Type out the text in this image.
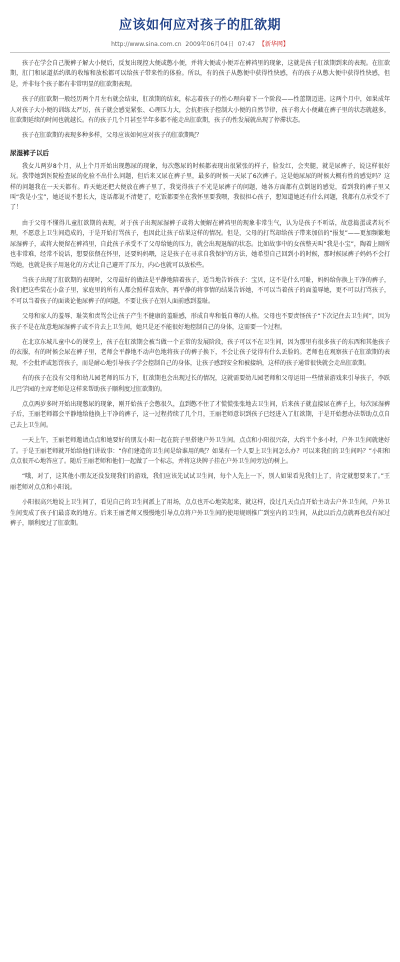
应该如何应对孩子的肛欲期
http://www.sina.com.cn 2009年06月04日 07:47 【新华网】

孩子在学会自己脱裤子解大小便后，反复出现控大便或憋小便，并将大便或小便弄在裤裆里的现象，这就是孩子肛欲期到来的表现。在肛欲期，肛门和尿道括约肌的收缩和放松都可以给孩子带来性的体验。所以，有的孩子从憋便中获得性快感，有的孩子从憋大便中获得性快感，但是，并非每个孩子都有非常明显的肛欲期表现。

孩子的肛欲期一般经历两个月左右就会结束，肛欲期的结束，标志着孩子的性心理向着下一个阶段——性蕾期迈进。这两个月中，如果成年人对孩子大小便的训练太严厉，孩子就会感觉紧张、心理压力大，会抗拒孩子控制大小便的自然节律，孩子将大小便藏在裤子里的状态就越多，肛欲期延续的时间也就越长。有的孩子几个月甚至半年多都不能走出肛欲期，孩子的性发展就出现了停滞状态。

孩子在肛欲期的表现多种多样，父母应该如何应对孩子的肛欲期呢？

尿湿裤子以后

我女儿两岁8个月，从上个月开始出现憋尿的现象，每次憋尿的时候都表现出很紧张的样子，脸发红，会夹腿，就是尿裤子，说这样很好玩。我带她到医院检查尿的化验不出什么问题，但后来又尿在裤子里，最多的时候一天尿了6次裤子。这是她尿尿的时候大概有性的感觉吗？这样的问题我在一天天都有。昨天她还把大便放在裤子里了，我觉得孩子不光是尿裤子的问题，她各方面都有点倒退的感觉，看到我的裤子里又叫“我是小宝”，她还说不想长大，连话都说不清楚了，吃饭都要坐在我怀里要我喂，我很担心孩子，想知道她还有什么问题，我都有点承受不了了！

由于父母不懂得儿童肛欲期的表现，对于孩子出现尿湿裤子或将大便解在裤裆里的现象非常生气，认为是孩子不听话，故意捣蛋或者玩不理，不愿意上卫生间造成的，于是开始打骂孩子，也因此让孩子结果这样的情况。但是，父母的打骂却给孩子带来加倍的“报复”——更加频繁地尿湿裤子，或将大便留在裤裆里，自此孩子承受不了父母给她的压力，就会出现退缩的状态。比如故事中的女孩整天叫“我是小宝”，陶着上厕所也非常难，经常不说话，想要依偎在怀里，还要妈妈喂，这是孩子在寻求自我保护的方法，她希望自己回到小的时候，那时候尿裤子妈妈不会打骂她，也就是孩子用退化的方式让自己避开了压力，内心也就可以放松些。

当孩子出现了肛欲期的表现时，父母最好的做法是平静地陪着孩子，适当地告诉孩子：宝贝，这不是什么可耻，妈妈给你换上干净的裤子，我们把这些装在小盒子里，家庭里的所有人都会照样喜欢你，再平静的将事情的结果告诉她，不可以当着孩子的面羞辱她，更不可以打骂孩子，不可以当着孩子的面谈论他尿裤子的问题，不要让孩子在别人面前感到羞耻。

父母和家人的羞辱、耻笑和责骂会让孩子产生不健康的羞耻感，形成自卑和低自尊的人格。父母也不要责怪孩子“下次记住去卫生间”，因为孩子不是在故意地尿湿裤子或不肯去上卫生间，她只是还不能很好地控制自己的身体，这需要一个过程。

在北京东城儿童中心的课堂上，孩子在肛欲期会被当做一个正常的发展阶段，孩子可以不在卫生间，因为那里有很多孩子的东西和其他孩子的衣服，有的时候会尿在裤子里，老师会平静地不动声色地将孩子的裤子换下，不会让孩子觉得有什么丢脸的。老师也在观察孩子在肛欲期的表现，不会批评或惩罚孩子，而是耐心地引导孩子学会控制自己的身体，让孩子感到安全和被接纳，这样的孩子通常很快就会走出肛欲期。

有的孩子在没有父母和幼儿园老师的压力下，肛欲期也会出现过长的情况，这就需要幼儿园老师和父母运用一些情景游戏来引导孩子，李跃儿巴学园的主席老师是这样来帮助孩子顺利度过肛欲期的。

点点两岁多时开始出现憋尿的现象，刚开始孩子会憋很久，直到憋不住了才慌慌张张地去卫生间，后来孩子就直接尿在裤子上，每次尿湿裤子后，王丽老师都会平静地给他换上干净的裤子，这一过程持续了几个月，王丽老师意识到孩子已经进入了肛欲期，于是开始想办法帮助点点自己去上卫生间。

一天上午，王丽老师邀请点点和她要好的朋友小阳一起在院子里搭建户外卫生间。点点和小阳很兴奋，大约半个多小时，户外卫生间就建好了。于是王丽老师就开始给他们讲故事：“你们建造的卫生间是给谁用的呢？如果有一个人要上卫生间怎么办？可以来我们的卫生间吗？”小阳和点点很开心地答应了。随后王丽老师和他们一起做了一个标志，并将这块牌子挂在户外卫生间旁边的树上。

“哦，对了，这其他小朋友还没发现我们的游戏，我们应该先试试卫生间，每个人先上一下，别人如果看见我们上了，肯定就想要来了。”王丽老师对点点和小阳说。

小阳很高兴地说上卫生间了，看见自己的卫生间派上了用场，点点也开心地笑起来，就这样，没过几天点点开始主动去户外卫生间，户外卫生间变成了孩子们最喜欢的地方。后来王丽老师又慢慢地引导点点将户外卫生间的使用规则推广到室内的卫生间，从此以后点点就再也没有尿过裤子，顺利度过了肛欲期。
